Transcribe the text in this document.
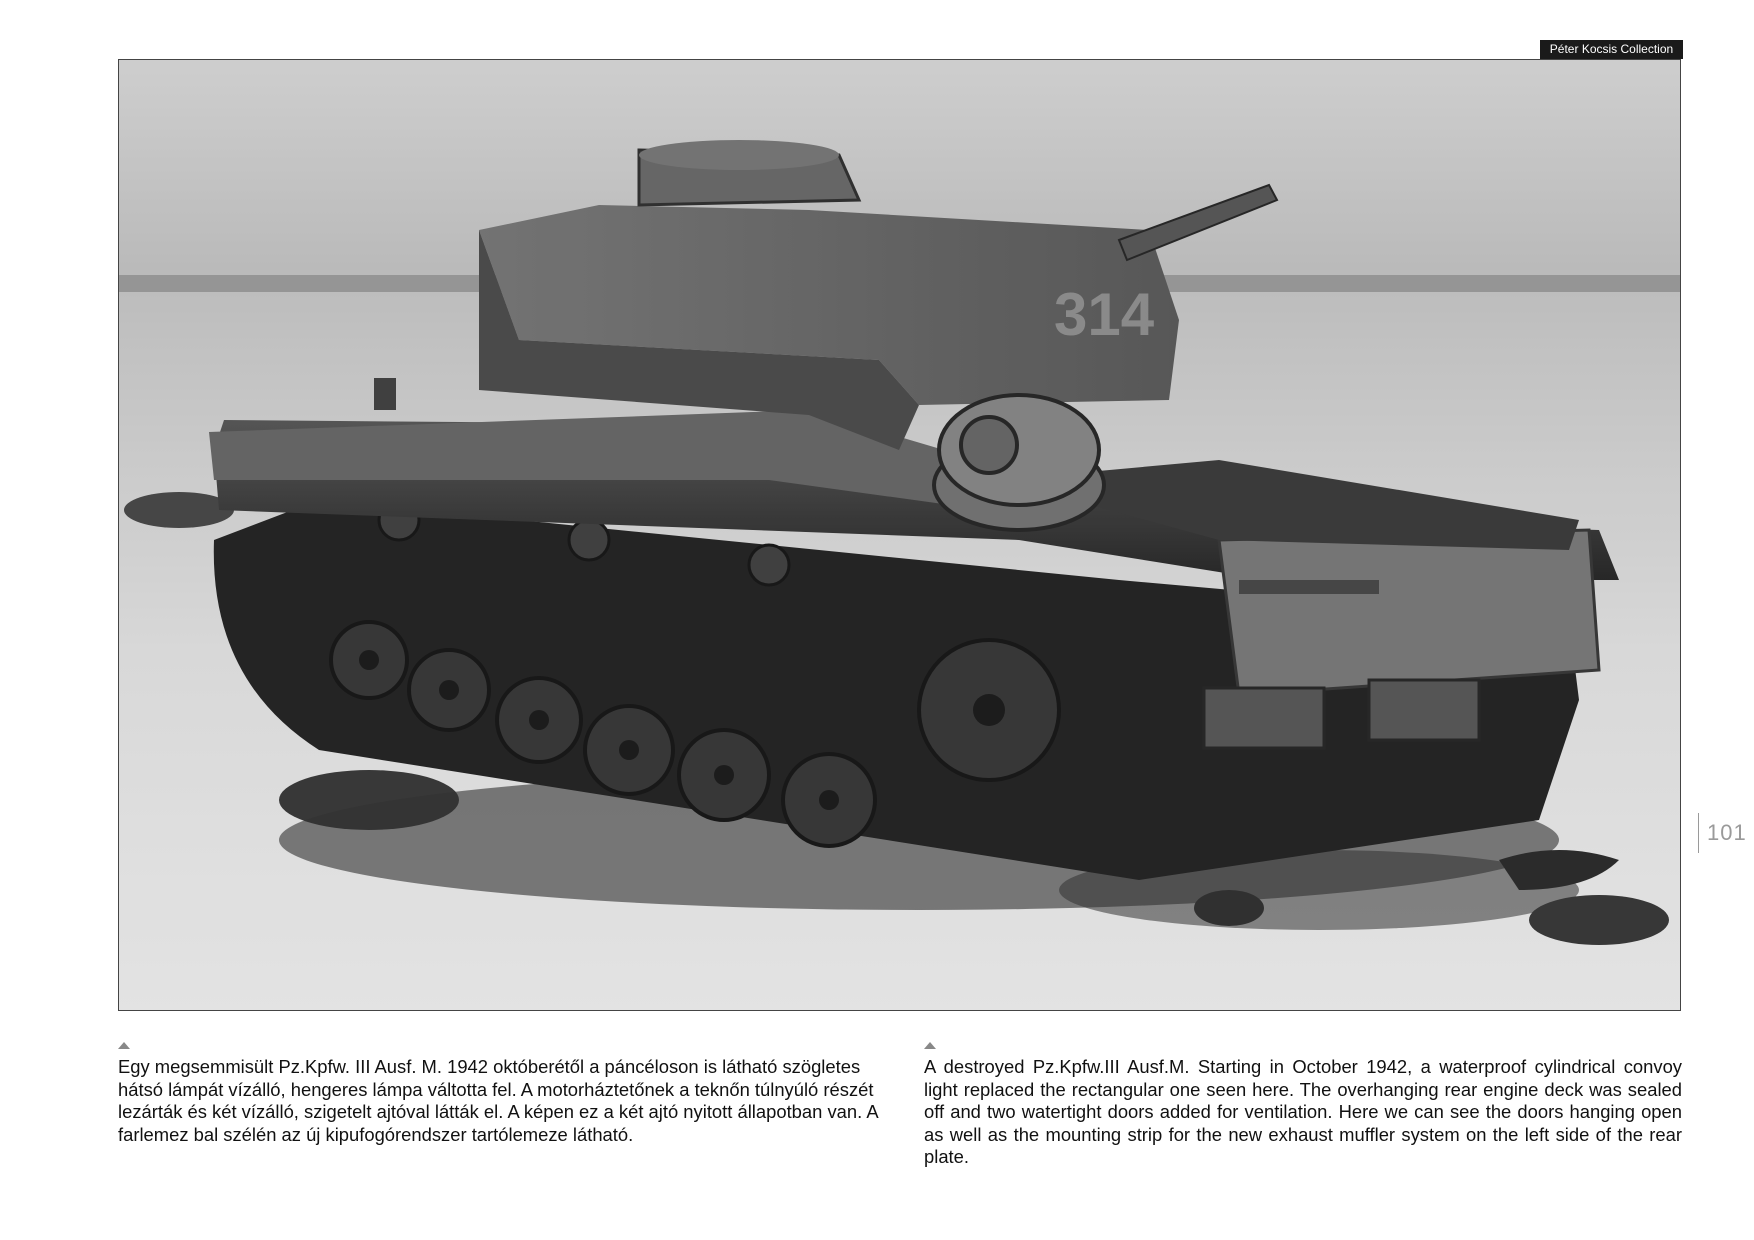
Péter Kocsis Collection
314
101

Egy megsemmisült Pz.Kpfw. III Ausf. M. 1942 októberétől a páncéloson is látható szögletes hátsó lámpát vízálló, hengeres lámpa váltotta fel. A motorháztetőnek a teknőn túlnyúló részét lezárták és két vízálló, szigetelt ajtóval látták el. A képen ez a két ajtó nyitott állapotban van. A farlemez bal szélén az új kipufogórendszer tartólemeze látható.

A destroyed Pz.Kpfw.III Ausf.M. Starting in October 1942, a waterproof cylindrical convoy light replaced the rectangular one seen here. The overhanging rear engine deck was sealed off and two watertight doors added for ventilation. Here we can see the doors hanging open as well as the mounting strip for the new exhaust muffler system on the left side of the rear plate.
